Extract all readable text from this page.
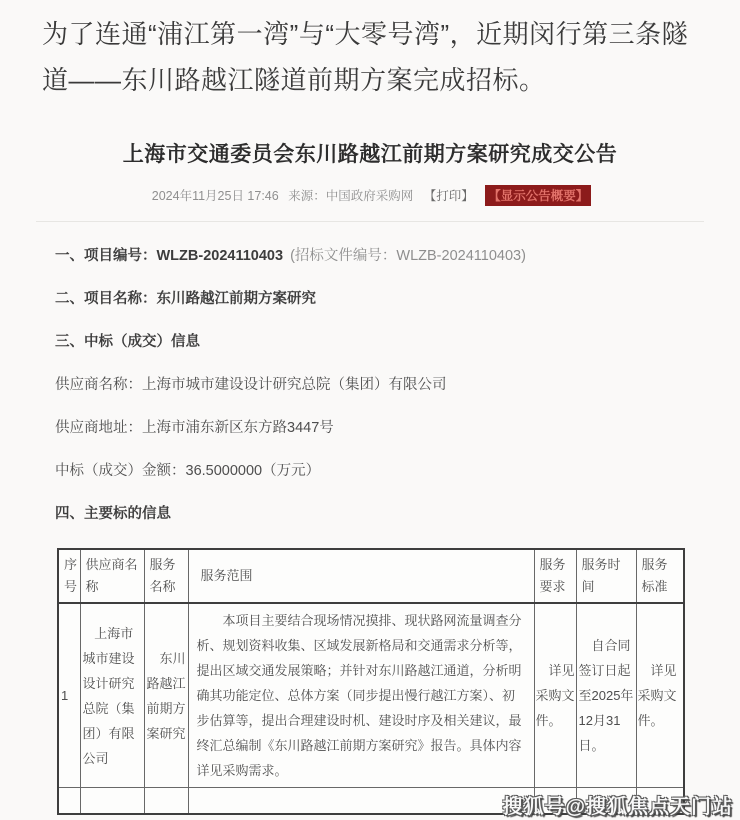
为了连通“浦江第一湾”与“大零号湾”，近期闵行第三条隧道——东川路越江隧道前期方案完成招标。

上海市交通委员会东川路越江前期方案研究成交公告
2024年11月25日 17:46 来源：中国政府采购网 【打印】 【显示公告概要】
一、项目编号：WLZB-2024110403 (招标文件编号：WLZB-2024110403)
二、项目名称：东川路越江前期方案研究
三、中标（成交）信息
供应商名称：上海市城市建设设计研究总院（集团）有限公司
供应商地址：上海市浦东新区东方路3447号
中标（成交）金额：36.5000000（万元）
四、主要标的信息
序号	供应商名称	服务名称	服务范围	服务要求	服务时间	服务标准
1	上海市城市建设设计研究总院（集团）有限公司	东川路越江前期方案研究	本项目主要结合现场情况摸排、现状路网流量调查分析、规划资料收集、区域发展新格局和交通需求分析等，提出区域交通发展策略；并针对东川路越江通道，分析明确其功能定位、总体方案（同步提出慢行越江方案）、初步估算等，提出合理建设时机、建设时序及相关建议，最终汇总编制《东川路越江前期方案研究》报告。具体内容详见采购需求。	详见采购文件。	自合同签订日起至2025年12月31日。	详见采购文件。

搜狐号@搜狐焦点天门站
